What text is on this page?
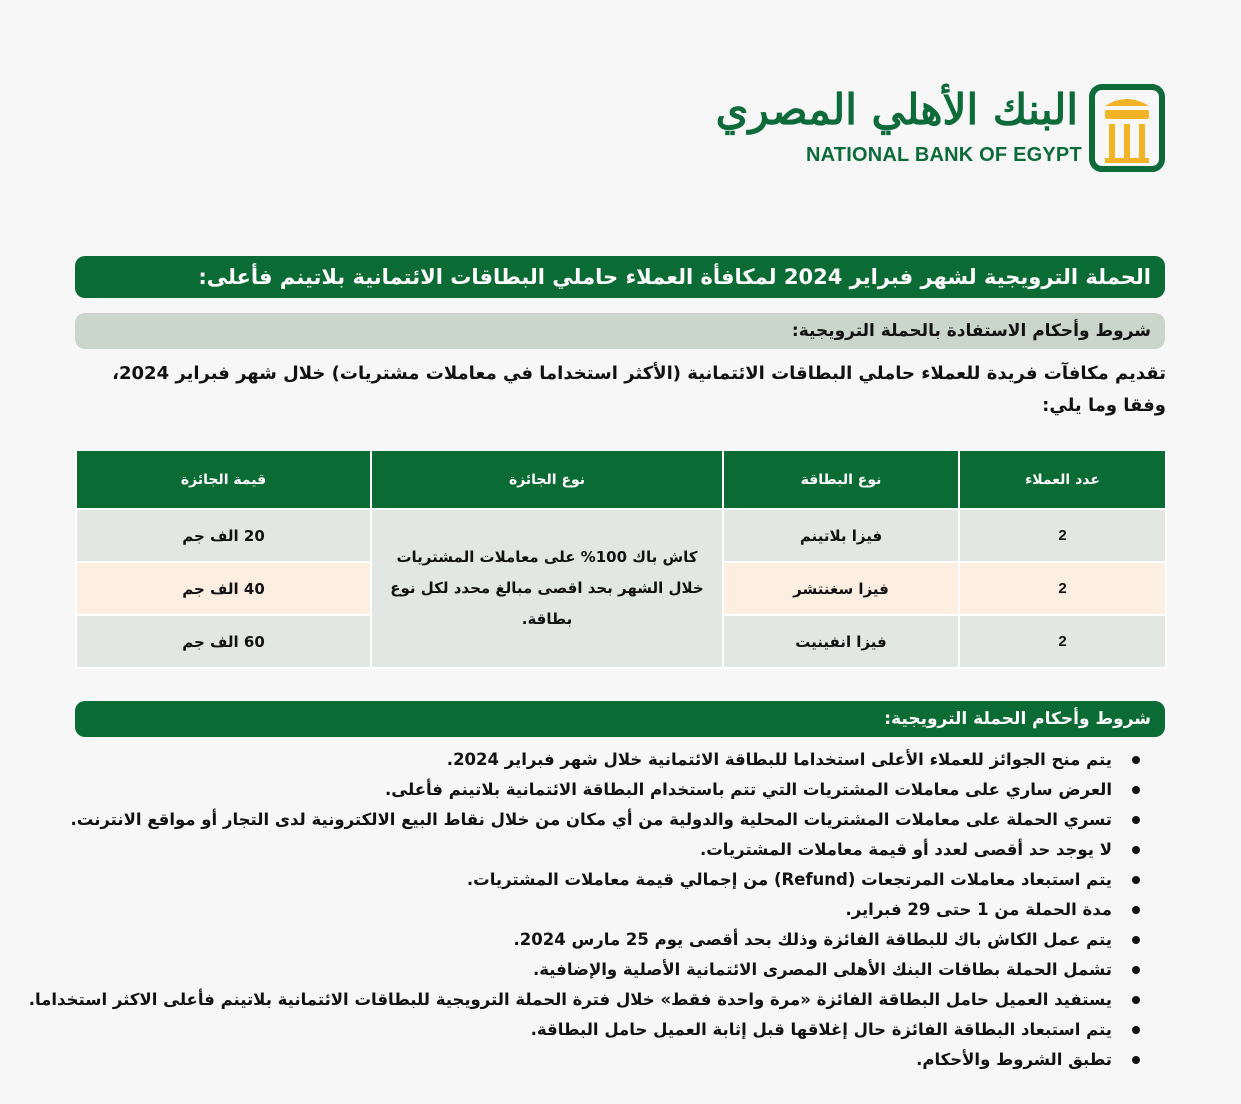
البنك الأهلي المصري
NATIONAL BANK OF EGYPT
الحملة الترويجية لشهر فبراير 2024 لمكافأة العملاء حاملي البطاقات الائتمانية بلاتينم فأعلى:
شروط وأحكام الاستفادة بالحملة الترويجية:

تقديم مكافآت فريدة للعملاء حاملي البطاقات الائتمانية (الأكثر استخداما في معاملات مشتريات) خلال شهر فبراير 2024، وفقا وما يلي:

عدد العملاء	نوع البطاقة	نوع الجائزة	قيمة الجائزة
2	فيزا بلاتينم	كاش باك 100% على معاملات المشتريات خلال الشهر بحد اقصى مبالغ محدد لكل نوع بطاقة.	20 الف جم
2	فيزا سغنتشر		40 الف جم
2	فيزا انفينيت		60 الف جم
شروط وأحكام الحملة الترويجية:
يتم منح الجوائز للعملاء الأعلى استخداما للبطاقة الائتمانية خلال شهر فبراير 2024.
العرض ساري على معاملات المشتريات التي تتم باستخدام البطاقة الائتمانية بلاتينم فأعلى.
تسري الحملة على معاملات المشتريات المحلية والدولية من أي مكان من خلال نقاط البيع الالكترونية لدى التجار أو مواقع الانترنت.
لا يوجد حد أقصى لعدد أو قيمة معاملات المشتريات.
يتم استبعاد معاملات المرتجعات (Refund) من إجمالي قيمة معاملات المشتريات.
مدة الحملة من 1 حتى 29 فبراير.
يتم عمل الكاش باك للبطاقة الفائزة وذلك بحد أقصى يوم 25 مارس 2024.
تشمل الحملة بطاقات البنك الأهلى المصرى الائتمانية الأصلية والإضافية.
يستفيد العميل حامل البطاقة الفائزة «مرة واحدة فقط» خلال فترة الحملة الترويجية للبطاقات الائتمانية بلاتينم فأعلى الاكثر استخداما.
يتم استبعاد البطاقة الفائزة حال إغلاقها قبل إثابة العميل حامل البطاقة.
تطبق الشروط والأحكام.
